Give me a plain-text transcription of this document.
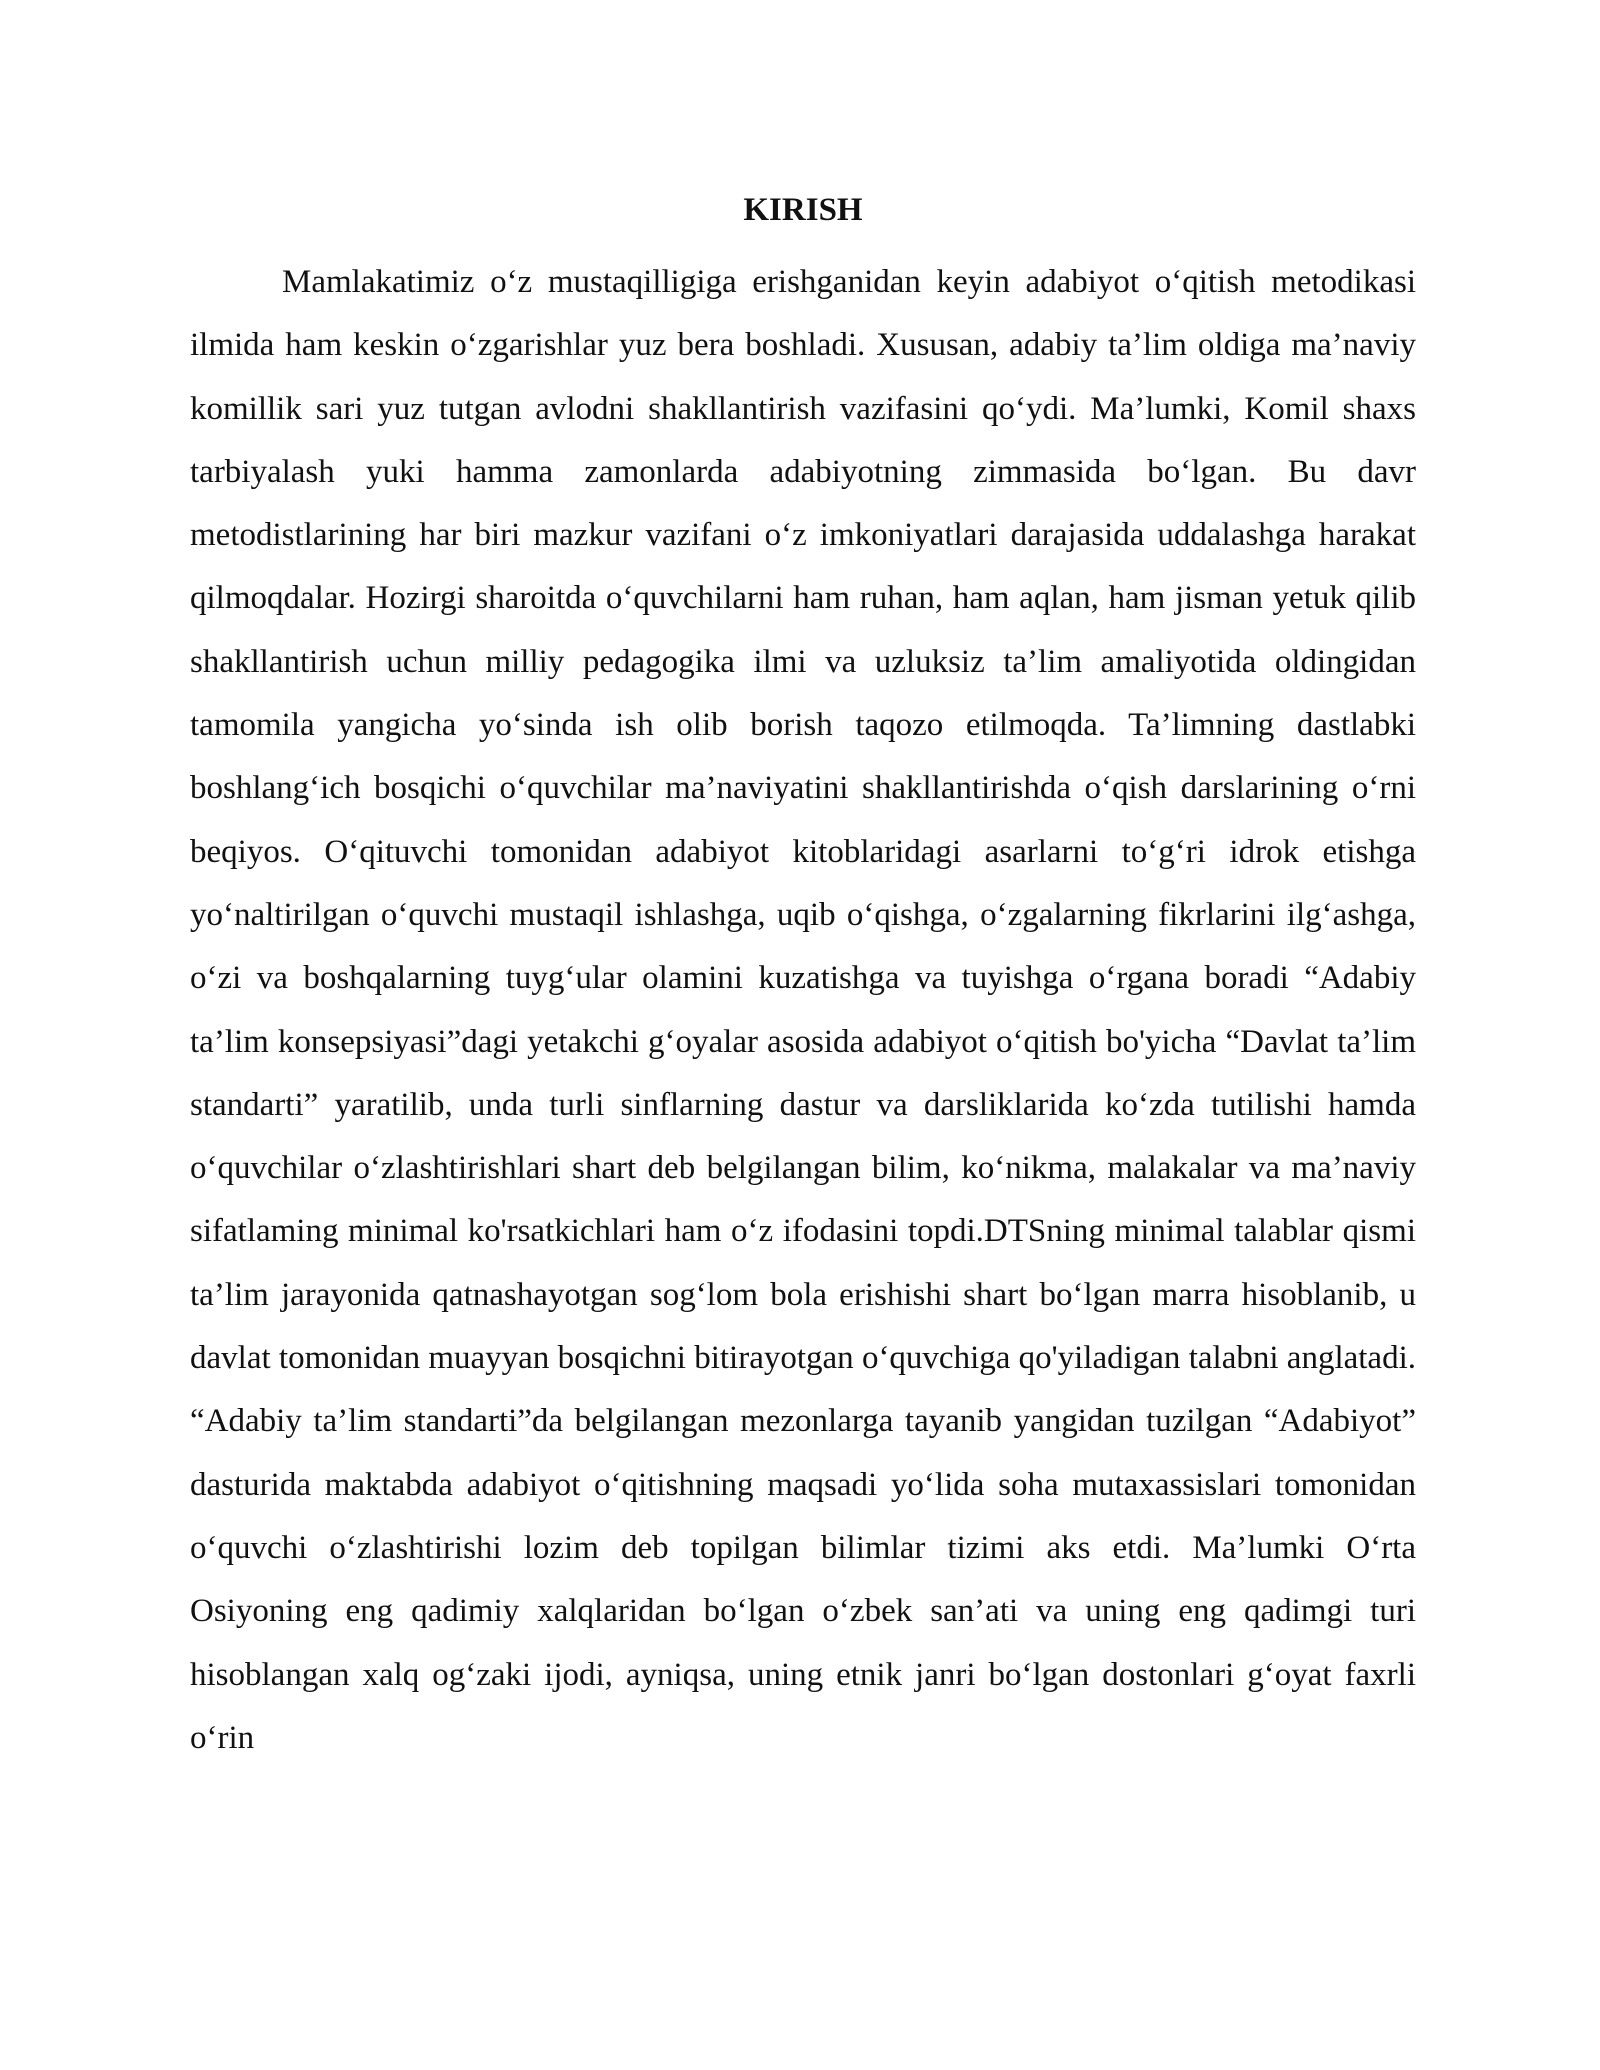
KIRISH

Mamlakatimiz o‘z mustaqilligiga erishganidan keyin adabiyot o‘qitish metodikasi ilmida ham keskin o‘zgarishlar yuz bera boshladi. Xususan, adabiy ta’lim oldiga ma’naviy komillik sari yuz tutgan avlodni shakllantirish vazifasini qo‘ydi. Ma’lumki, Komil shaxs tarbiyalash yuki hamma zamonlarda adabiyotning zimmasida bo‘lgan. Bu davr metodistlarining har biri mazkur vazifani o‘z imkoniyatlari darajasida uddalashga harakat qilmoqdalar. Hozirgi sharoitda o‘quvchilarni ham ruhan, ham aqlan, ham jisman yetuk qilib shakllantirish uchun milliy pedagogika ilmi va uzluksiz ta’lim amaliyotida oldingidan tamomila yangicha yo‘sinda ish olib borish taqozo etilmoqda. Ta’limning dastlabki boshlang‘ich bosqichi o‘quvchilar ma’naviyatini shakllantirishda o‘qish darslarining o‘rni beqiyos. O‘qituvchi tomonidan adabiyot kitoblaridagi asarlarni to‘g‘ri idrok etishga yo‘naltirilgan o‘quvchi mustaqil ishlashga, uqib o‘qishga, o‘zgalarning fikrlarini ilg‘ashga, o‘zi va boshqalarning tuyg‘ular olamini kuzatishga va tuyishga o‘rgana boradi “Adabiy ta’lim konsepsiyasi”dagi yetakchi g‘oyalar asosida adabiyot o‘qitish bo'yicha “Davlat ta’lim standarti” yaratilib, unda turli sinflarning dastur va darsliklarida ko‘zda tutilishi hamda o‘quvchilar o‘zlashtirishlari shart deb belgilangan bilim, ko‘nikma, malakalar va ma’naviy sifatlaming minimal ko'rsatkichlari ham o‘z ifodasini topdi.DTSning minimal talablar qismi ta’lim jarayonida qatnashayotgan sog‘lom bola erishishi shart bo‘lgan marra hisoblanib, u davlat tomonidan muayyan bosqichni bitirayotgan o‘quvchiga qo'yiladigan talabni anglatadi. “Adabiy ta’lim standarti”da belgilangan mezonlarga tayanib yangidan tuzilgan “Adabiyot” dasturida maktabda adabiyot o‘qitishning maqsadi yo‘lida soha mutaxassislari tomonidan o‘quvchi o‘zlashtirishi lozim deb topilgan bilimlar tizimi aks etdi. Ma’lumki O‘rta Osiyoning eng qadimiy xalqlaridan bo‘lgan o‘zbek san’ati va uning eng qadimgi turi hisoblangan xalq og‘zaki ijodi, ayniqsa, uning etnik janri bo‘lgan dostonlari g‘oyat faxrli o‘rin
